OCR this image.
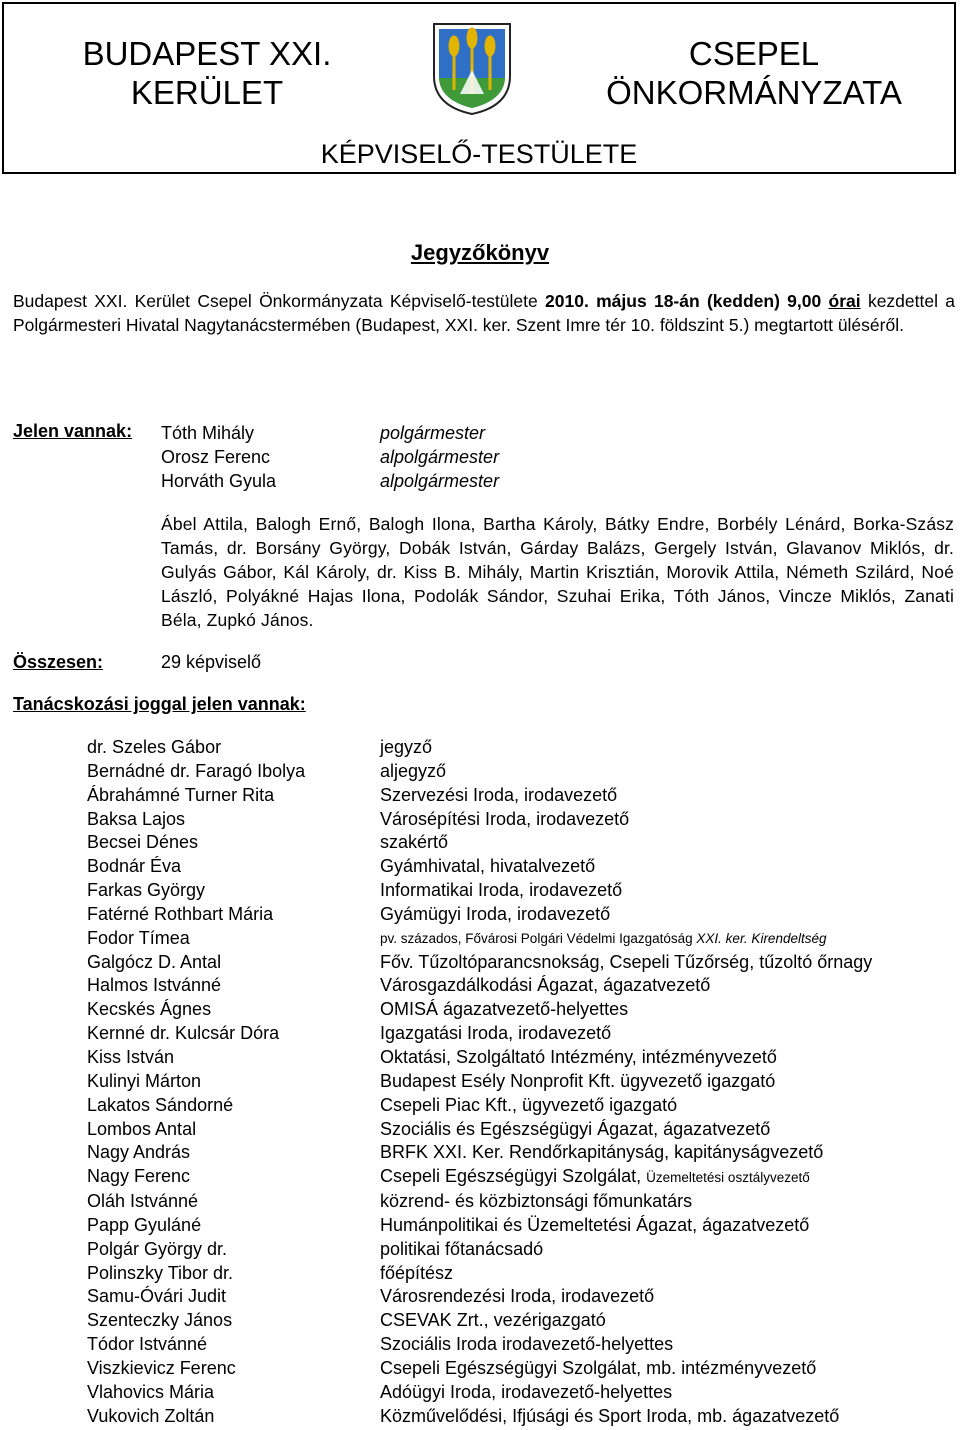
BUDAPEST XXI.
KERÜLET
CSEPEL
ÖNKORMÁNYZATA
KÉPVISELŐ-TESTÜLETE
Jegyzőkönyv
Budapest XXI. Kerület Csepel Önkormányzata Képviselő-testülete 2010. május 18-án (kedden) 9,00 órai kezdettel a Polgármesteri Hivatal Nagytanácstermében (Budapest, XXI. ker. Szent Imre tér 10. földszint 5.) megtartott üléséről.
Jelen vannak: Tóth Mihály	polgármester
Orosz Ferenc	alpolgármester
Horváth Gyula	alpolgármester
Ábel Attila, Balogh Ernő, Balogh Ilona, Bartha Károly, Bátky Endre, Borbély Lénárd, Borka-Szász Tamás, dr. Borsány György, Dobák István, Gárday Balázs, Gergely István, Glavanov Miklós, dr. Gulyás Gábor, Kál Károly, dr. Kiss B. Mihály, Martin Krisztián, Morovik Attila, Németh Szilárd, Noé László, Polyákné Hajas Ilona, Podolák Sándor, Szuhai Erika, Tóth János, Vincze Miklós, Zanati Béla, Zupkó János.
Összesen:	29 képviselő
Tanácskozási joggal jelen vannak:
dr. Szeles Gábor	jegyző
Bernádné dr. Faragó Ibolya	aljegyző
Ábrahámné Turner Rita	Szervezési Iroda, irodavezető
Baksa Lajos	Városépítési Iroda, irodavezető
Becsei Dénes	szakértő
Bodnár Éva	Gyámhivatal, hivatalvezető
Farkas György	Informatikai Iroda, irodavezető
Fatérné Rothbart Mária	Gyámügyi Iroda, irodavezető
Fodor Tímea	pv. százados, Fővárosi Polgári Védelmi Igazgatóság XXI. ker. Kirendeltség
Galgócz D. Antal	Főv. Tűzoltóparancsnokság, Csepeli Tűzőrség, tűzoltó őrnagy
Halmos Istvánné	Városgazdálkodási Ágazat, ágazatvezető
Kecskés Ágnes	OMISÁ ágazatvezető-helyettes
Kernné dr. Kulcsár Dóra	Igazgatási Iroda, irodavezető
Kiss István	Oktatási, Szolgáltató Intézmény, intézményvezető
Kulinyi Márton	Budapest Esély Nonprofit Kft. ügyvezető igazgató
Lakatos Sándorné	Csepeli Piac Kft., ügyvezető igazgató
Lombos Antal	Szociális és Egészségügyi Ágazat, ágazatvezető
Nagy András	BRFK XXI. Ker. Rendőrkapitányság, kapitányságvezető
Nagy Ferenc	Csepeli Egészségügyi Szolgálat, Üzemeltetési osztályvezető
Oláh Istvánné	közrend- és közbiztonsági főmunkatárs
Papp Gyuláné	Humánpolitikai és Üzemeltetési Ágazat, ágazatvezető
Polgár György dr.	politikai főtanácsadó
Polinszky Tibor dr.	főépítész
Samu-Óvári Judit	Városrendezési Iroda, irodavezető
Szenteczky János	CSEVAK Zrt., vezérigazgató
Tódor Istvánné	Szociális Iroda irodavezető-helyettes
Viszkievicz Ferenc	Csepeli Egészségügyi Szolgálat, mb. intézményvezető
Vlahovics Mária	Adóügyi Iroda, irodavezető-helyettes
Vukovich Zoltán	Közművelődési, Ifjúsági és Sport Iroda, mb. ágazatvezető
